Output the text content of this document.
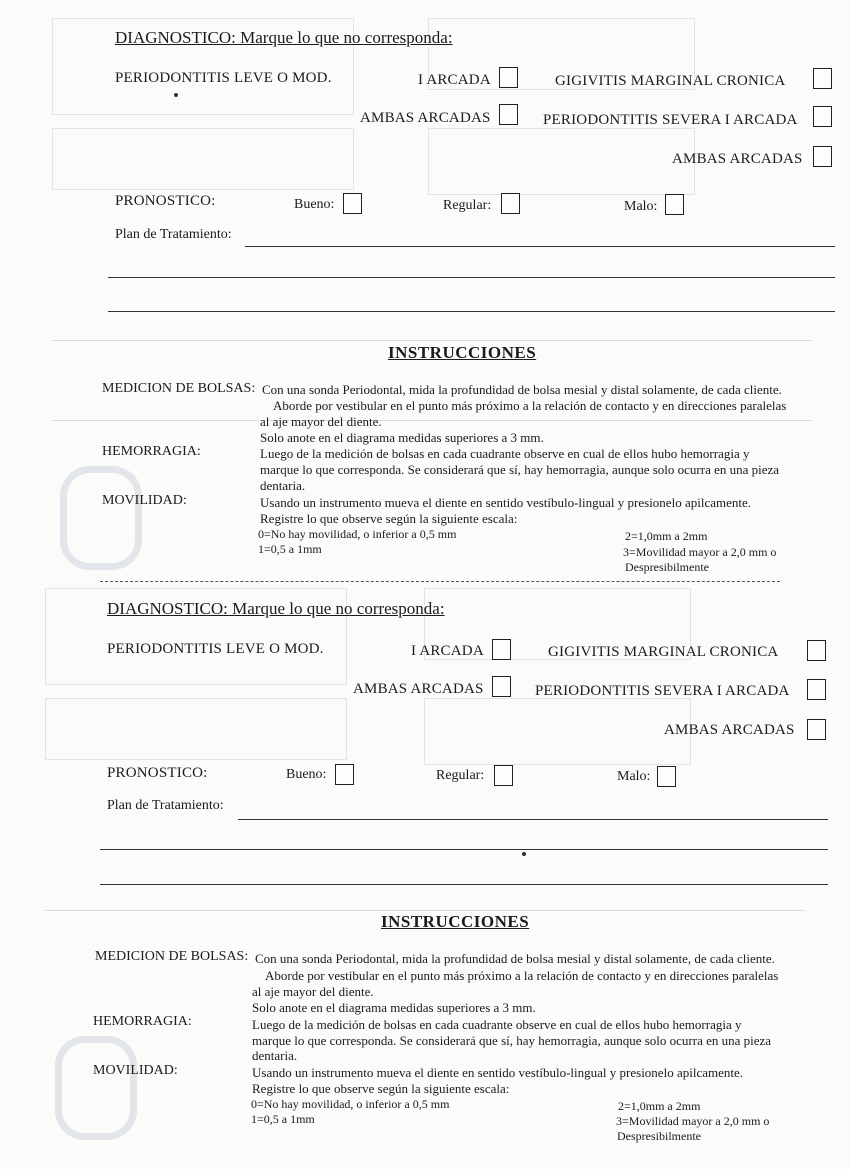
DIAGNOSTICO: Marque lo que no corresponda:
PERIODONTITIS LEVE O MOD.	I ARCADA	GIGIVITIS MARGINAL CRONICA
AMBAS ARCADAS	PERIODONTITIS SEVERA I ARCADA
AMBAS ARCADAS
PRONOSTICO:	Bueno:	Regular:	Malo:
Plan de Tratamiento:
INSTRUCCIONES
MEDICION DE BOLSAS: Con una sonda Periodontal, mida la profundidad de bolsa mesial y distal solamente, de cada cliente.
Aborde por vestibular en el punto más próximo a la relación de contacto y en direcciones paralelas
al aje mayor del diente.
Solo anote en el diagrama medidas superiores a 3 mm.
HEMORRAGIA:	Luego de la medición de bolsas en cada cuadrante observe en cual de ellos hubo hemorragia y
marque lo que corresponda. Se considerará que sí, hay hemorragia, aunque solo ocurra en una pieza
dentaria.
MOVILIDAD:	Usando un instrumento mueva el diente en sentido vestíbulo-lingual y presionelo apilcamente.
Registre lo que observe según la siguiente escala:
0=No hay movilidad, o inferior a 0,5 mm
1=0,5 a 1mm
2=1,0mm a 2mm
3=Movilidad mayor a 2,0 mm o
Despresibilmente
DIAGNOSTICO: Marque lo que no corresponda:
PERIODONTITIS LEVE O MOD.	I ARCADA	GIGIVITIS MARGINAL CRONICA
AMBAS ARCADAS	PERIODONTITIS SEVERA I ARCADA
AMBAS ARCADAS
PRONOSTICO:	Bueno:	Regular:	Malo:
Plan de Tratamiento:
INSTRUCCIONES
MEDICION DE BOLSAS: Con una sonda Periodontal, mida la profundidad de bolsa mesial y distal solamente, de cada cliente.
Aborde por vestibular en el punto más próximo a la relación de contacto y en direcciones paralelas
al aje mayor del diente.
Solo anote en el diagrama medidas superiores a 3 mm.
HEMORRAGIA:	Luego de la medición de bolsas en cada cuadrante observe en cual de ellos hubo hemorragia y
marque lo que corresponda. Se considerará que sí, hay hemorragia, aunque solo ocurra en una pieza
dentaria.
MOVILIDAD:	Usando un instrumento mueva el diente en sentido vestíbulo-lingual y presionelo apilcamente.
Registre lo que observe según la siguiente escala:
0=No hay movilidad, o inferior a 0,5 mm
1=0,5 a 1mm
2=1,0mm a 2mm
3=Movilidad mayor a 2,0 mm o
Despresibilmente
